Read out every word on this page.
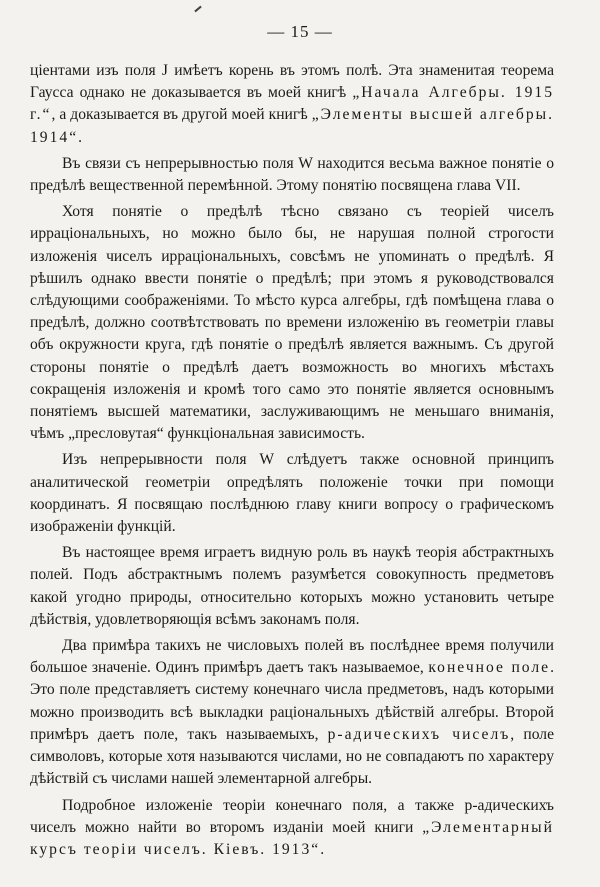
— 15 —

ціентами изъ поля J имѣетъ корень въ этомъ полѣ. Эта знаменитая теорема Гаусса однако не доказывается въ моей книгѣ „Начала Алгебры. 1915 г.“, а доказывается въ другой моей книгѣ „Элементы высшей алгебры. 1914“.

Въ связи съ непрерывностью поля W находится весьма важное понятіе о предѣлѣ вещественной перемѣнной. Этому понятію посвящена глава VII.

Хотя понятіе о предѣлѣ тѣсно связано съ теоріей чиселъ ирраціональныхъ, но можно было бы, не нарушая полной строгости изложенія чиселъ ирраціональныхъ, совсѣмъ не упоминать о предѣлѣ. Я рѣшилъ однако ввести понятіе о предѣлѣ; при этомъ я руководствовался слѣдующими соображеніями. То мѣсто курса алгебры, гдѣ помѣщена глава о предѣлѣ, должно соотвѣтствовать по времени изложенію въ геометріи главы объ окружности круга, гдѣ понятіе о предѣлѣ является важнымъ. Съ другой стороны понятіе о предѣлѣ даетъ возможность во многихъ мѣстахъ сокращенія изложенія и кромѣ того само это понятіе является основнымъ понятіемъ высшей математики, заслуживающимъ не меньшаго вниманія, чѣмъ „пресловутая“ функціональная зависимость.

Изъ непрерывности поля W слѣдуетъ также основной принципъ аналитической геометріи опредѣлять положеніе точки при помощи координатъ. Я посвящаю послѣднюю главу книги вопросу о графическомъ изображеніи функцій.

Въ настоящее время играетъ видную роль въ наукѣ теорія абстрактныхъ полей. Подъ абстрактнымъ полемъ разумѣется совокупность предметовъ какой угодно природы, относительно которыхъ можно установить четыре дѣйствія, удовлетворяющія всѣмъ законамъ поля.

Два примѣра такихъ не числовыхъ полей въ послѣднее время получили большое значеніе. Одинъ примѣръ даетъ такъ называемое, конечное поле. Это поле представляетъ систему конечнаго числа предметовъ, надъ которыми можно производить всѣ выкладки раціональныхъ дѣйствій алгебры. Второй примѣръ даетъ поле, такъ называемыхъ, p-адическихъ чиселъ, поле символовъ, которые хотя называются числами, но не совпадаютъ по характеру дѣйствій съ числами нашей элементарной алгебры.

Подробное изложеніе теоріи конечнаго поля, а также p-адическихъ чиселъ можно найти во второмъ изданіи моей книги „Элементарный курсъ теоріи чиселъ. Кіевъ. 1913“.
